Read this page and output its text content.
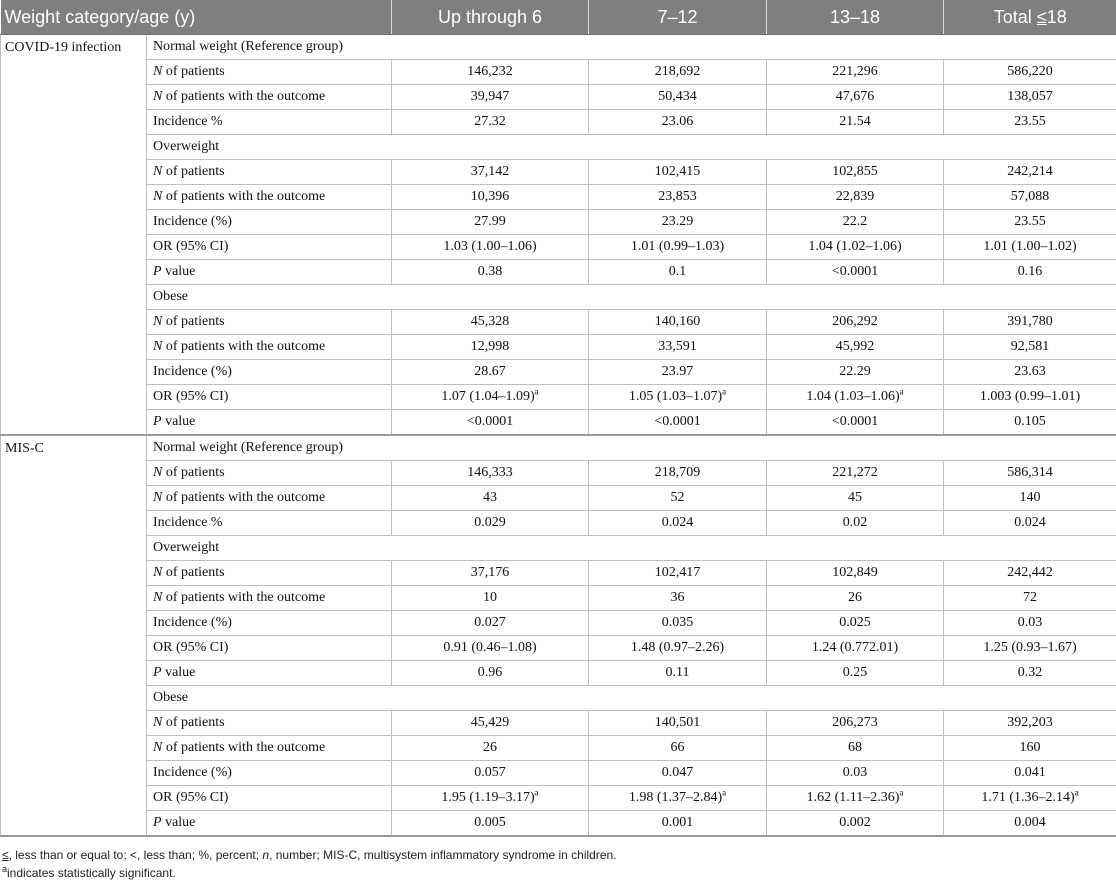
Weight category/age (y)		Up through 6	7–12	13–18	Total ≤18
COVID-19 infection	Normal weight (Reference group)				
	N of patients	146,232	218,692	221,296	586,220
	N of patients with the outcome	39,947	50,434	47,676	138,057
	Incidence %	27.32	23.06	21.54	23.55
	Overweight				
	N of patients	37,142	102,415	102,855	242,214
	N of patients with the outcome	10,396	23,853	22,839	57,088
	Incidence (%)	27.99	23.29	22.2	23.55
	OR (95% CI)	1.03 (1.00–1.06)	1.01 (0.99–1.03)	1.04 (1.02–1.06)	1.01 (1.00–1.02)
	P value	0.38	0.1	<0.0001	0.16
	Obese				
	N of patients	45,328	140,160	206,292	391,780
	N of patients with the outcome	12,998	33,591	45,992	92,581
	Incidence (%)	28.67	23.97	22.29	23.63
	OR (95% CI)	1.07 $(1.04-1.09)^a$	1.05 $(1.03-1.07)^a$	1.04 $(1.03-1.06)^a$	1.003 (0.99–1.01)
	P value	<0.0001	<0.0001	<0.0001	0.105
MIS-C	Normal weight (Reference group)				
	N of patients	146,333	218,709	221,272	586,314
	N of patients with the outcome	43	52	45	140
	Incidence %	0.029	0.024	0.02	0.024
	Overweight				
	N of patients	37,176	102,417	102,849	242,442
	N of patients with the outcome	10	36	26	72
	Incidence (%)	0.027	0.035	0.025	0.03
	OR (95% CI)	0.91 (0.46–1.08)	1.48 (0.97–2.26)	1.24 (0.772.01)	1.25 (0.93–1.67)
	P value	0.96	0.11	0.25	0.32
	Obese				
	N of patients	45,429	140,501	206,273	392,203
	N of patients with the outcome	26	66	68	160
	Incidence (%)	0.057	0.047	0.03	0.041
	OR (95% CI)	1.95 $(1.19-3.17)^a$	1.98 $(1.37-2.84)^a$	1.62 $(1.11-2.36)^a$	1.71 $(1.36-2.14)^a$
	P value	0.005	0.001	0.002	0.004

≤, less than or equal to; <, less than; %, percent; n, number; MIS-C, multisystem inflammatory syndrome in children.

$^a$indicates statistically significant.
